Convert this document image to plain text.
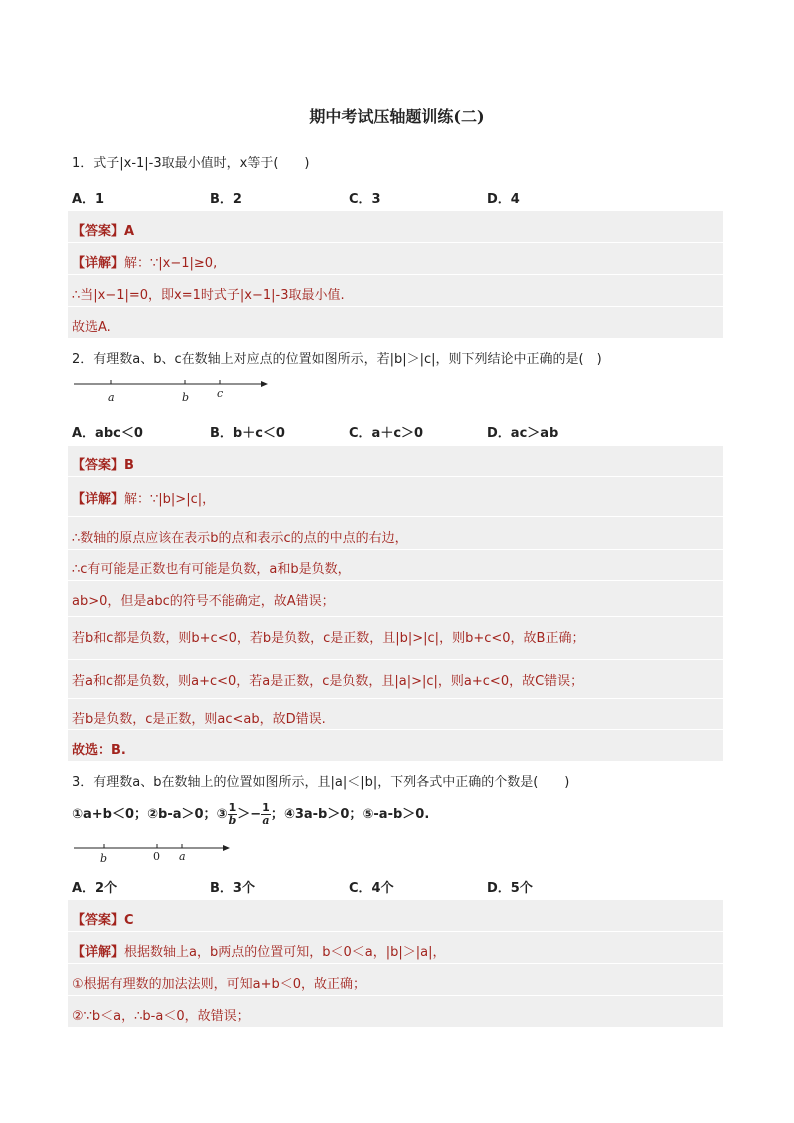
期中考试压轴题训练(二)
1．式子|x-1|-3取最小值时，x等于(　　)
A．1	B．2	C．3	D．4
【答案】A
【详解】解：∵|x−1|≥0,
∴当|x−1|=0，即x=1时式子|x−1|-3取最小值.
故选A.
2．有理数a、b、c在数轴上对应点的位置如图所示，若|b|＞|c|，则下列结论中正确的是(　)
a	b	c
A．abc＜0	B．b＋c＜0	C．a＋c＞0	D．ac＞ab
【答案】B
【详解】解：∵|b|>|c|，
∴数轴的原点应该在表示b的点和表示c的点的中点的右边，
∴c有可能是正数也有可能是负数，a和b是负数，
ab>0，但是abc的符号不能确定，故A错误；
若b和c都是负数，则b+c<0，若b是负数，c是正数，且|b|>|c|，则b+c<0，故B正确；
若a和c都是负数，则a+c<0，若a是正数，c是负数，且|a|>|c|，则a+c<0，故C错误；
若b是负数，c是正数，则ac<ab，故D错误.
故选：B.
3．有理数a、b在数轴上的位置如图所示，且|a|＜|b|，下列各式中正确的个数是(　　)
①a+b＜0；②b-a＞0；③ $\frac{1}{b} >- \frac{1}{a}$ ；④3a-b＞0；⑤-a-b＞0.
b	0 a
A．2个	B．3个	C．4个	D．5个
【答案】C
【详解】根据数轴上a，b两点的位置可知，b＜0＜a，|b|＞|a|，
①根据有理数的加法法则，可知a+b＜0，故正确；
②∵b＜a，∴b-a＜0，故错误；
